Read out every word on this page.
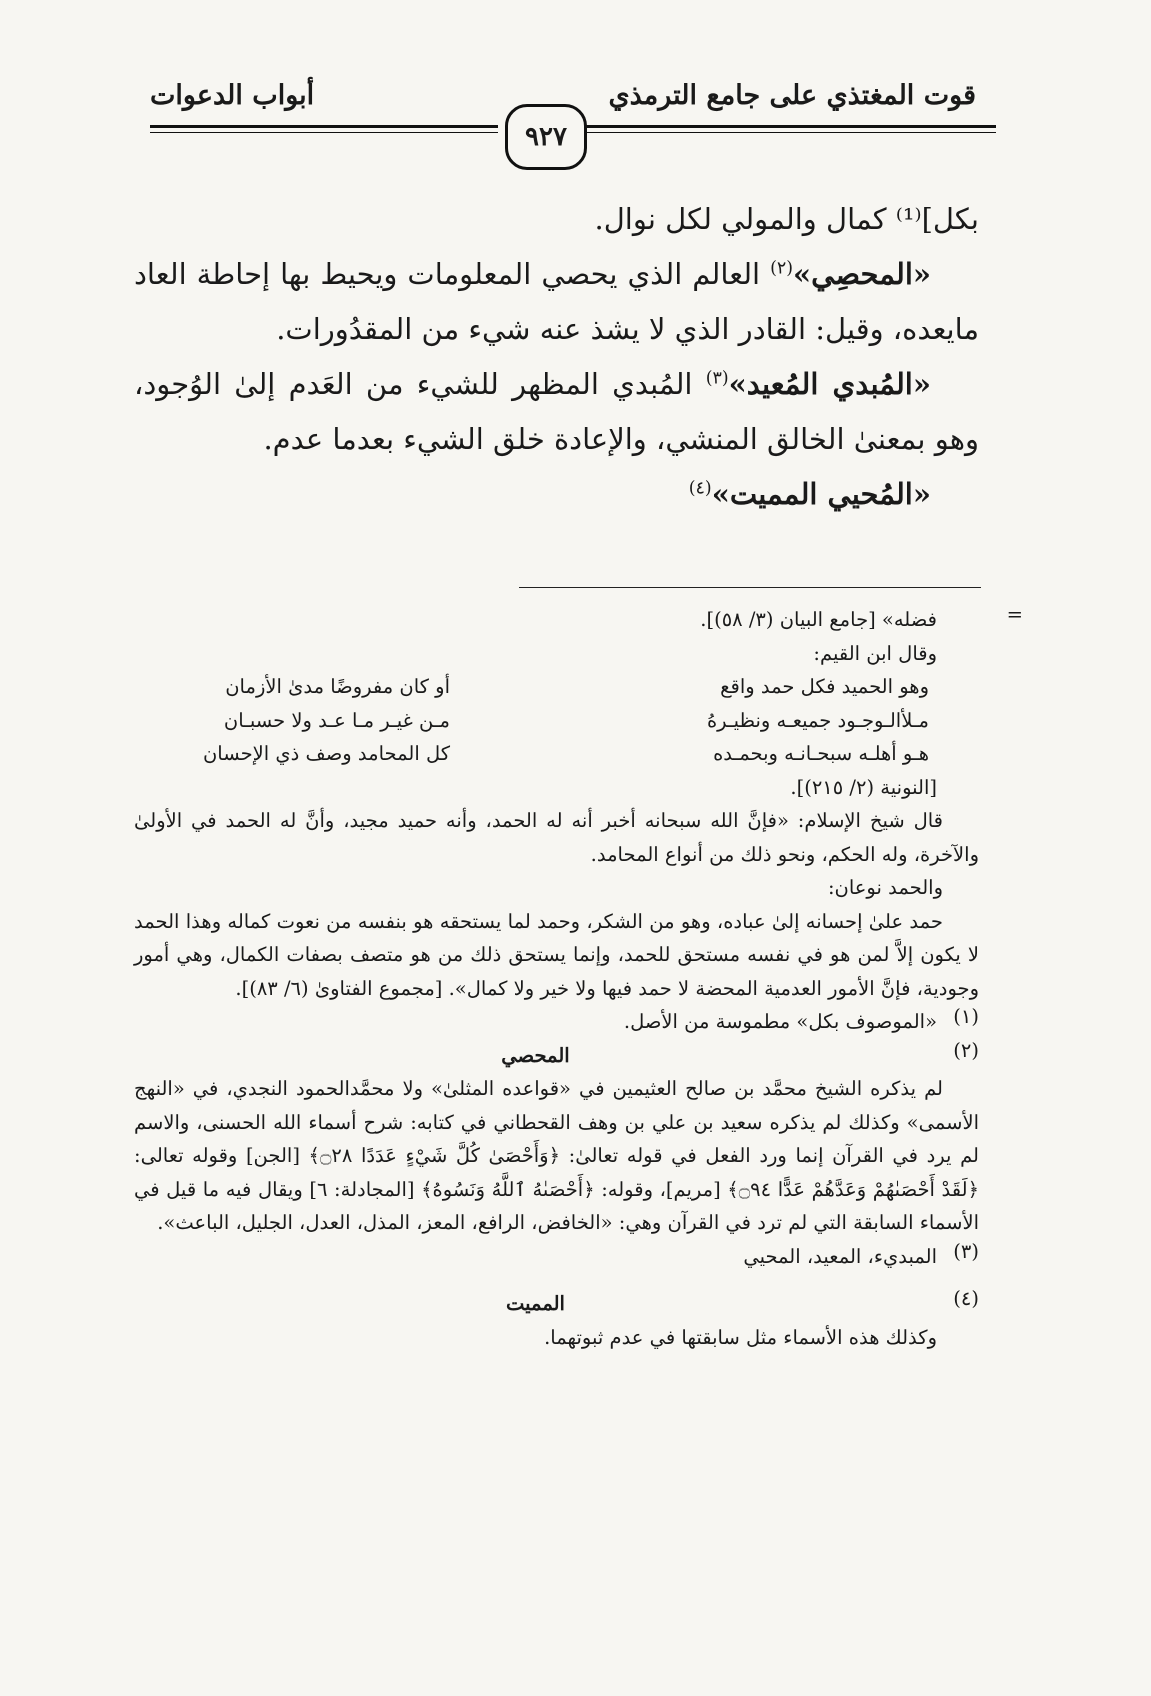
قوت المغتذي على جامع الترمذي
أبواب الدعوات
٩٢٧

بكل]⁽¹⁾ كمال والمولي لكل نوال.

«المحصِي»$^{(٢)}$ العالم الذي يحصي المعلومات ويحيط بها إحاطة العاد مايعده، وقيل: القادر الذي لا يشذ عنه شيء من المقدُورات.

«المُبدي المُعيد»$^{(٣)}$ المُبدي المظهر للشيء من العَدم إلىٰ الوُجود، وهو بمعنىٰ الخالق المنشي، والإعادة خلق الشيء بعدما عدم.

«المُحيي المميت»$^{(٤)}$

=

فضله» [جامع البيان (٣/ ٥٨)].

وقال ابن القيم:

وهو الحميد فكل حمد واقع
أو كان مفروضًا مدىٰ الأزمان
مـلأالـوجـود جميعـه ونظيـرهُ
مـن غيـر مـا عـد ولا حسبـان
هـو أهلـه سبحـانـه وبحمـده
كل المحامد وصف ذي الإحسان

[النونية (٢/ ٢١٥)].

قال شيخ الإسلام: «فإنَّ الله سبحانه أخبر أنه له الحمد، وأنه حميد مجيد، وأنَّ له الحمد في الأولىٰ والآخرة، وله الحكم، ونحو ذلك من أنواع المحامد.

والحمد نوعان:

حمد علىٰ إحسانه إلىٰ عباده، وهو من الشكر، وحمد لما يستحقه هو بنفسه من نعوت كماله وهذا الحمد لا يكون إلاَّ لمن هو في نفسه مستحق للحمد، وإنما يستحق ذلك من هو متصف بصفات الكمال، وهي أمور وجودية، فإنَّ الأمور العدمية المحضة لا حمد فيها ولا خير ولا كمال». [مجموع الفتاوىٰ (٦/ ٨٣)].

(١)

«الموصوف بكل» مطموسة من الأصل.

(٢)
المحصي

لم يذكره الشيخ محمَّد بن صالح العثيمين في «قواعده المثلىٰ» ولا محمَّدالحمود النجدي، في «النهج الأسمى» وكذلك لم يذكره سعيد بن علي بن وهف القحطاني في كتابه: شرح أسماء الله الحسنى، والاسم لم يرد في القرآن إنما ورد الفعل في قوله تعالىٰ: ﴿وَأَحْصَىٰ كُلَّ شَيْءٍ عَدَدًا ۝٢٨﴾ [الجن] وقوله تعالى: ﴿لَقَدْ أَحْصَىٰهُمْ وَعَدَّهُمْ عَدًّا ۝٩٤﴾ [مريم]، وقوله: ﴿أَحْصَىٰهُ ٱللَّهُ وَنَسُوهُ﴾ [المجادلة: ٦] ويقال فيه ما قيل في الأسماء السابقة التي لم ترد في القرآن وهي: «الخافض، الرافع، المعز، المذل، العدل، الجليل، الباعث».

(٣)

المبديء، المعيد، المحيي

(٤)
المميت

وكذلك هذه الأسماء مثل سابقتها في عدم ثبوتهما.
